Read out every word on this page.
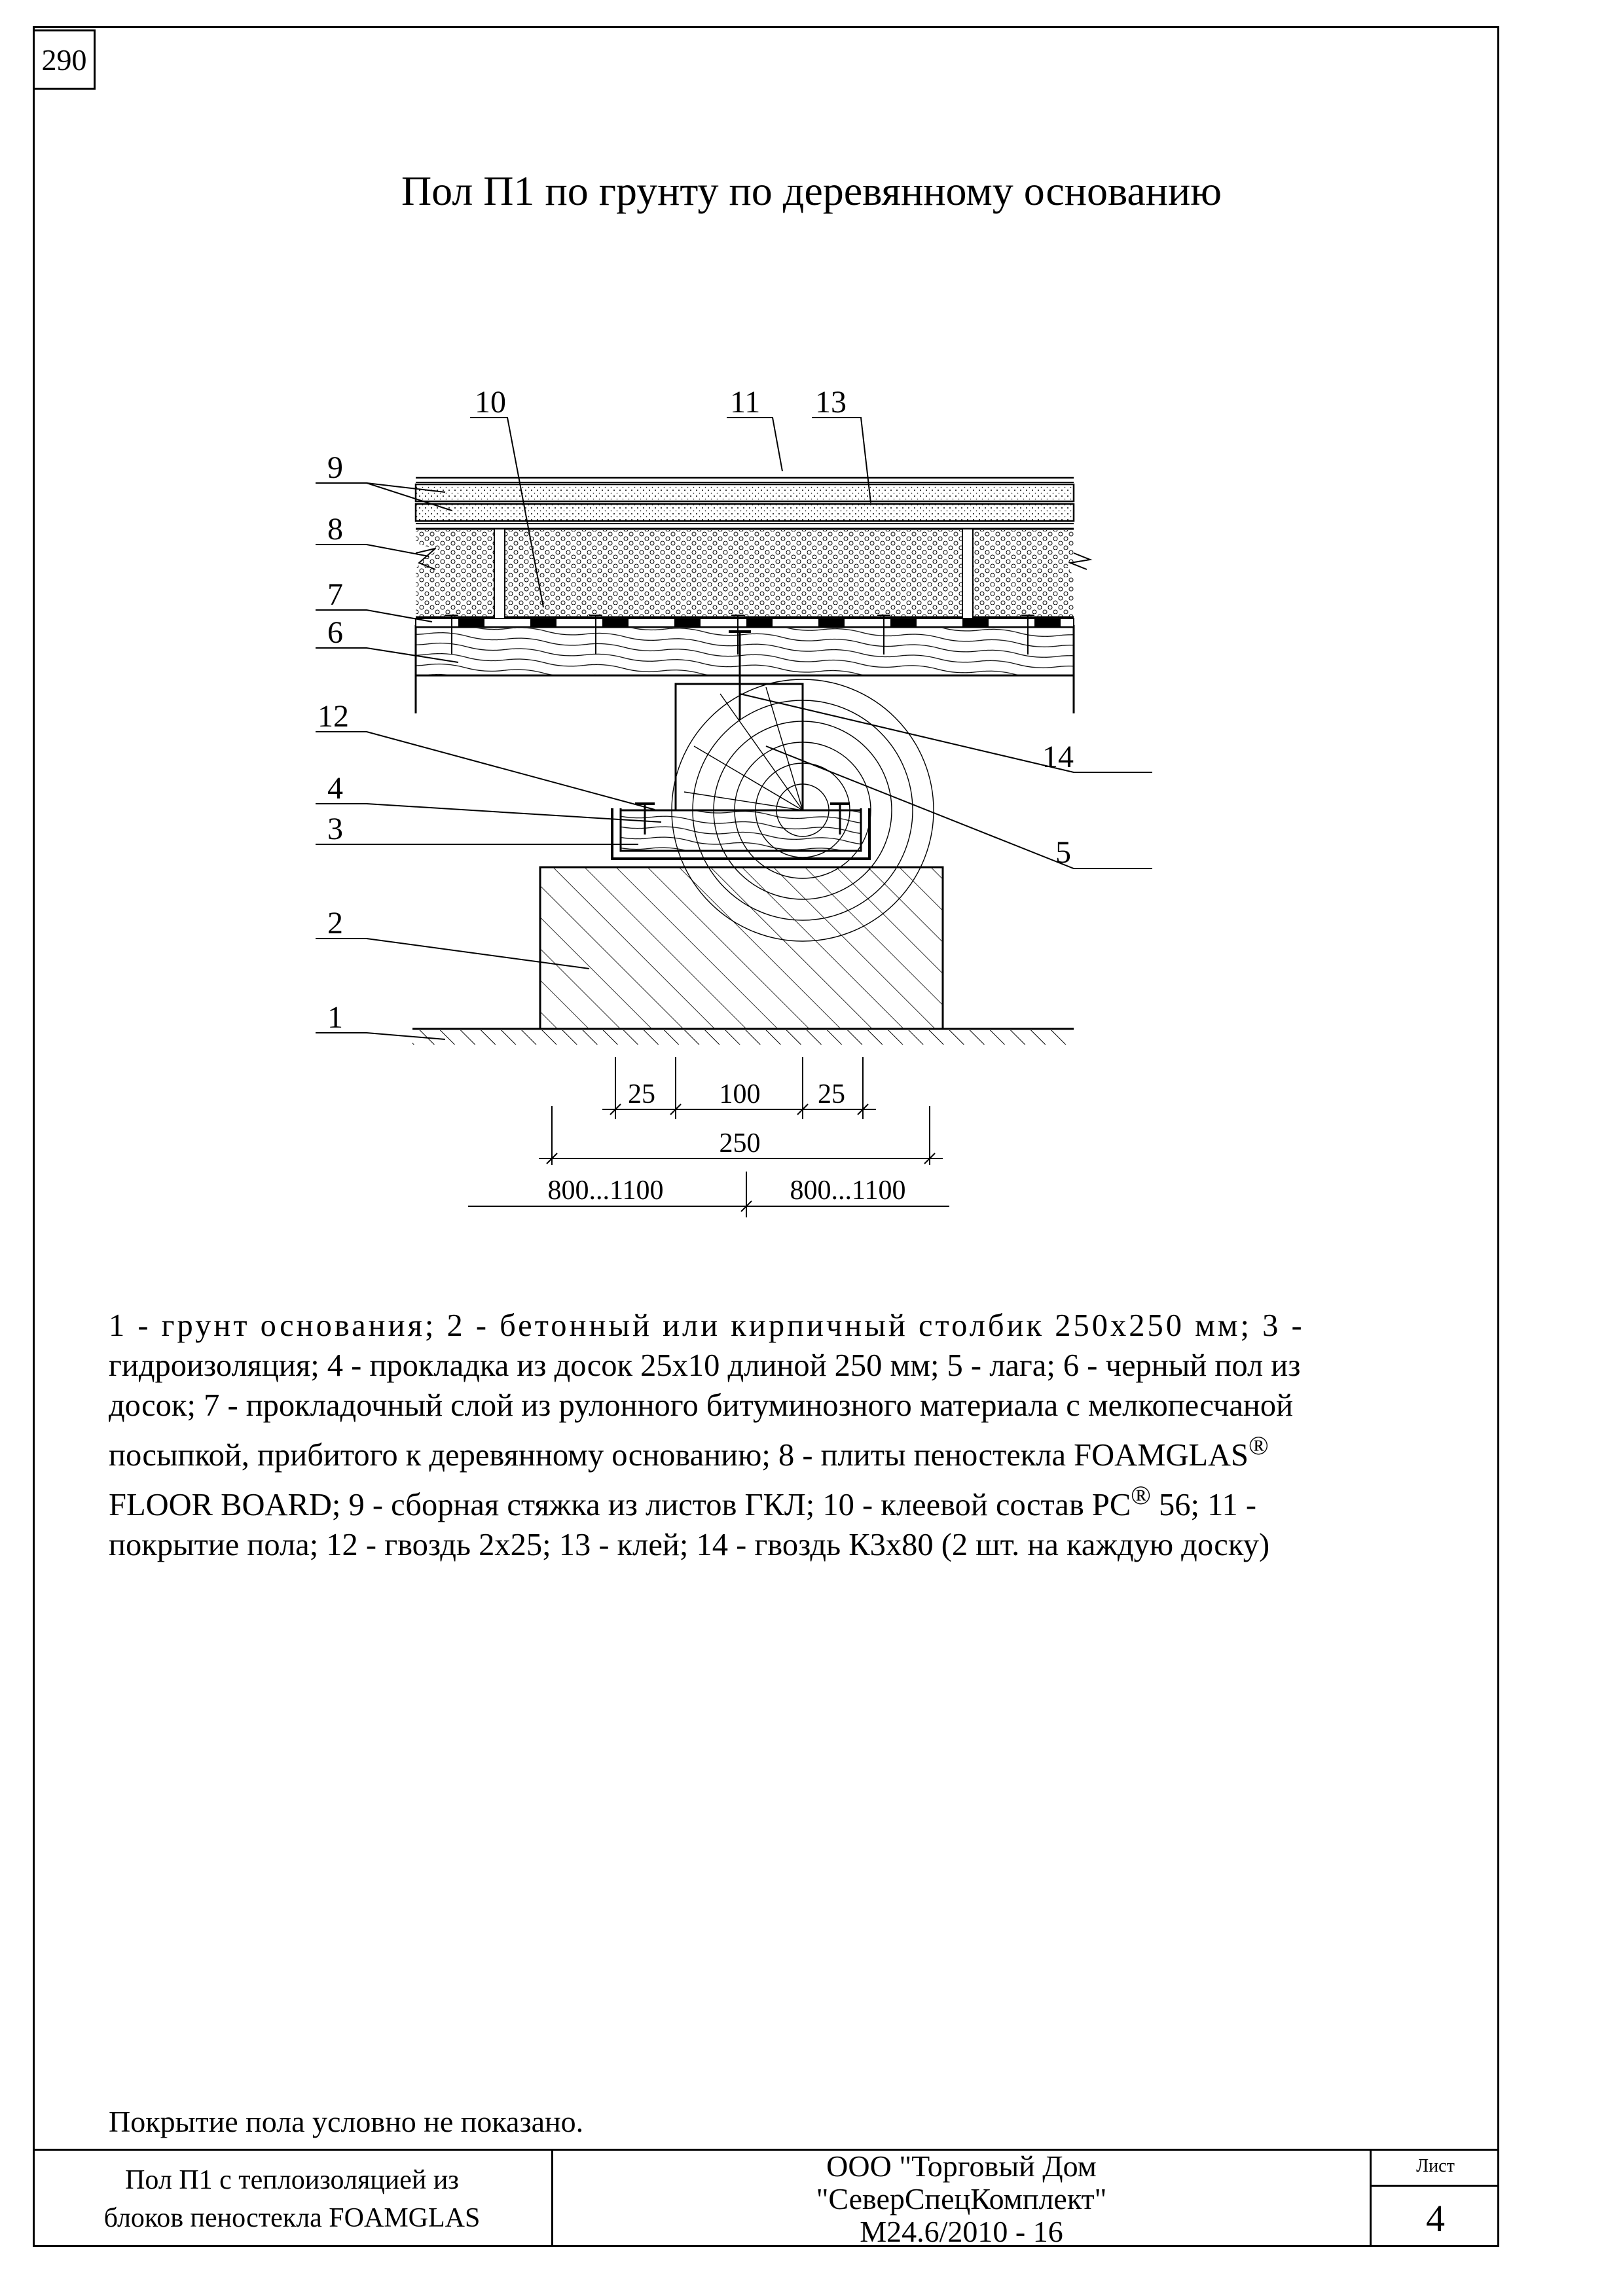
290
Пол П1 по грунту по деревянному основанию
10	11 13
9
8
7
6
12
4
3
2
1
14
5
25 100 25
250
800...1100	800...1100
1 - грунт основания; 2 - бетонный или кирпичный столбик 250х250 мм; 3 -
гидроизоляция; 4 - прокладка из досок 25х10 длиной 250 мм; 5 - лага; 6 - черный пол из
досок; 7 - прокладочный слой из рулонного битуминозного материала с мелкопесчаной
посыпкой, прибитого к деревянному основанию; 8 - плиты пеностекла FOAMGLAS®
FLOOR BOARD; 9 - сборная стяжка из листов ГКЛ; 10 - клеевой состав PC® 56; 11 -
покрытие пола; 12 - гвоздь 2х25; 13 - клей; 14 - гвоздь К3х80 (2 шт. на каждую доску)
Покрытие пола условно не показано.
Пол П1 с теплоизоляцией из
блоков пеностекла FOAMGLAS
ООО "Торговый Дом
"СеверСпецКомплект"
М24.6/2010 - 16
Лист
4
